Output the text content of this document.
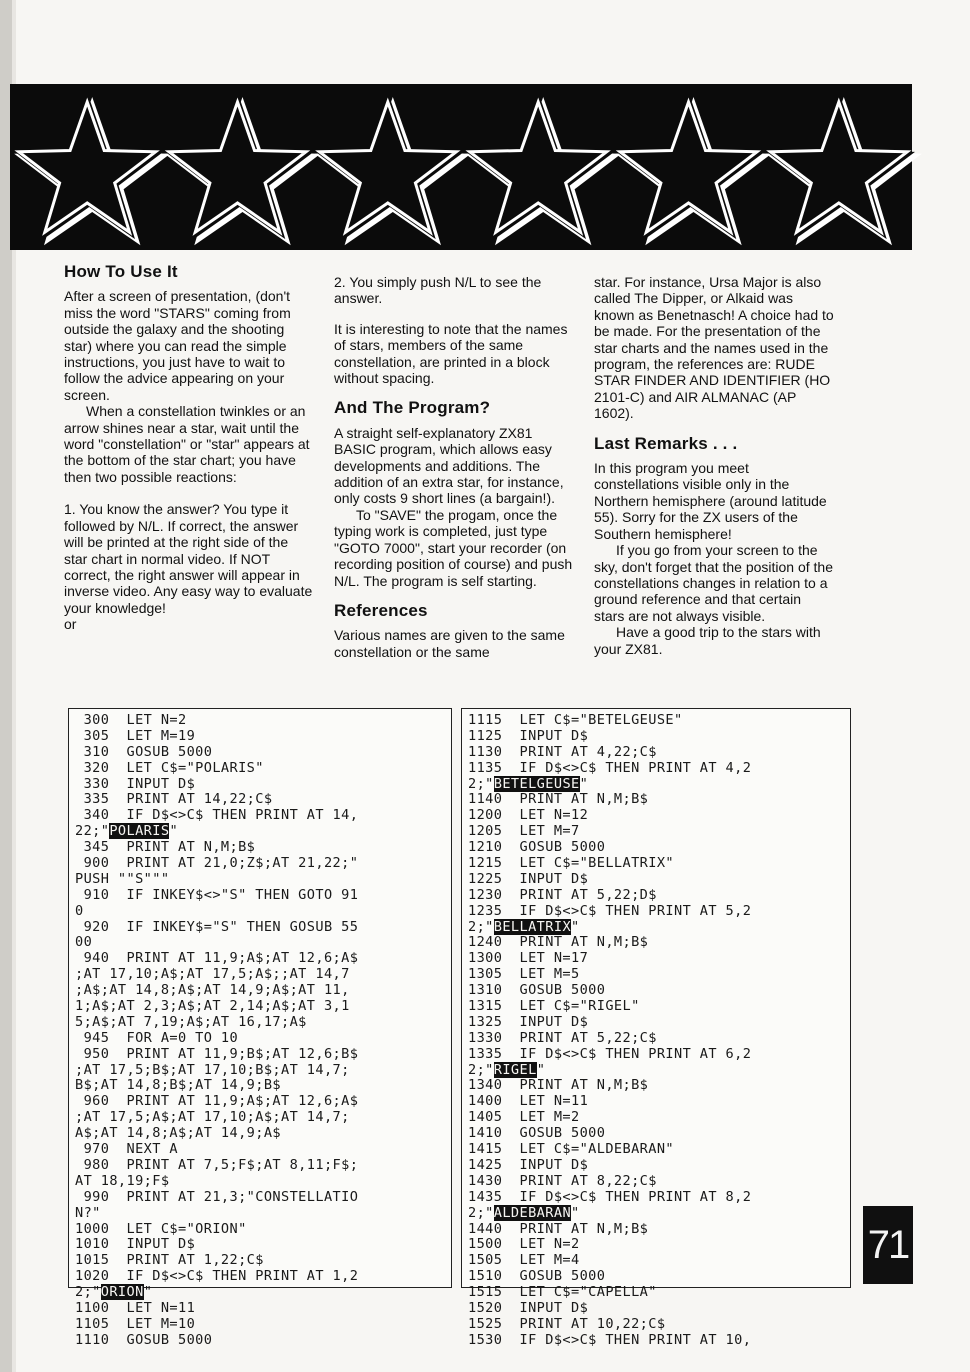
How To Use It

After a screen of presentation, (don't miss the word "STARS" coming from outside the galaxy and the shooting star) where you can read the simple instructions, you just have to wait to follow the advice appearing on your screen.

When a constellation twinkles or an arrow shines near a star, wait until the word "constellation" or "star" appears at the bottom of the star chart; you have then two possible reactions:

1. You know the answer? You type it followed by N/L. If correct, the answer will be printed at the right side of the star chart in normal video. If NOT correct, the right answer will appear in inverse video. Any easy way to evaluate your knowledge!

or

2. You simply push N/L to see the answer.

It is interesting to note that the names of stars, members of the same constellation, are printed in a block without spacing.

And The Program?

A straight self-explanatory ZX81 BASIC program, which allows easy developments and additions. The addition of an extra star, for instance, only costs 9 short lines (a bargain!).

To "SAVE" the progam, once the typing work is completed, just type "GOTO 7000", start your recorder (on recording position of course) and push N/L. The program is self starting.

References

Various names are given to the same constellation or the same

star. For instance, Ursa Major is also called The Dipper, or Alkaid was known as Benetnasch! A choice had to be made. For the presentation of the star charts and the names used in the program, the references are: RUDE STAR FINDER AND IDENTIFIER (HO 2101-C) and AIR ALMANAC (AP 1602).

Last Remarks . . .

In this program you meet constellations visible only in the Northern hemisphere (around latitude 55). Sorry for the ZX users of the Southern hemisphere!

If you go from your screen to the sky, don't forget that the position of the constellations changes in relation to a ground reference and that certain stars are not always visible.

Have a good trip to the stars with your ZX81.

300  LET N=2
305  LET M=19
310  GOSUB 5000
320  LET C$="POLARIS"
330  INPUT D$
335  PRINT AT 14,22;C$
340  IF D$<>C$ THEN PRINT AT 14,
22;"POLARIS"
345  PRINT AT N,M;B$
900  PRINT AT 21,0;Z$;AT 21,22;"
PUSH ""S"""
910  IF INKEY$<>"S" THEN GOTO 91
0
920  IF INKEY$="S" THEN GOSUB 55
00
940  PRINT AT 11,9;A$;AT 12,6;A$
;AT 17,10;A$;AT 17,5;A$;;AT 14,7
;A$;AT 14,8;A$;AT 14,9;A$;AT 11,
1;A$;AT 2,3;A$;AT 2,14;A$;AT 3,1
5;A$;AT 7,19;A$;AT 16,17;A$
945  FOR A=0 TO 10
950  PRINT AT 11,9;B$;AT 12,6;B$
;AT 17,5;B$;AT 17,10;B$;AT 14,7;
B$;AT 14,8;B$;AT 14,9;B$
960  PRINT AT 11,9;A$;AT 12,6;A$
;AT 17,5;A$;AT 17,10;A$;AT 14,7;
A$;AT 14,8;A$;AT 14,9;A$
970  NEXT A
980  PRINT AT 7,5;F$;AT 8,11;F$;
AT 18,19;F$
990  PRINT AT 21,3;"CONSTELLATIO
N?"
1000  LET C$="ORION"
1010  INPUT D$
1015  PRINT AT 1,22;C$
1020  IF D$<>C$ THEN PRINT AT 1,2
2;"ORION"
1100  LET N=11
1105  LET M=10
1110  GOSUB 5000
1115  LET C$="BETELGEUSE"
1125  INPUT D$
1130  PRINT AT 4,22;C$
1135  IF D$<>C$ THEN PRINT AT 4,2
2;"BETELGEUSE"
1140  PRINT AT N,M;B$
1200  LET N=12
1205  LET M=7
1210  GOSUB 5000
1215  LET C$="BELLATRIX"
1225  INPUT D$
1230  PRINT AT 5,22;D$
1235  IF D$<>C$ THEN PRINT AT 5,2
2;"BELLATRIX"
1240  PRINT AT N,M;B$
1300  LET N=17
1305  LET M=5
1310  GOSUB 5000
1315  LET C$="RIGEL"
1325  INPUT D$
1330  PRINT AT 5,22;C$
1335  IF D$<>C$ THEN PRINT AT 6,2
2;"RIGEL"
1340  PRINT AT N,M;B$
1400  LET N=11
1405  LET M=2
1410  GOSUB 5000
1415  LET C$="ALDEBARAN"
1425  INPUT D$
1430  PRINT AT 8,22;C$
1435  IF D$<>C$ THEN PRINT AT 8,2
2;"ALDEBARAN"
1440  PRINT AT N,M;B$
1500  LET N=2
1505  LET M=4
1510  GOSUB 5000
1515  LET C$="CAPELLA"
1520  INPUT D$
1525  PRINT AT 10,22;C$
1530  IF D$<>C$ THEN PRINT AT 10,
71
